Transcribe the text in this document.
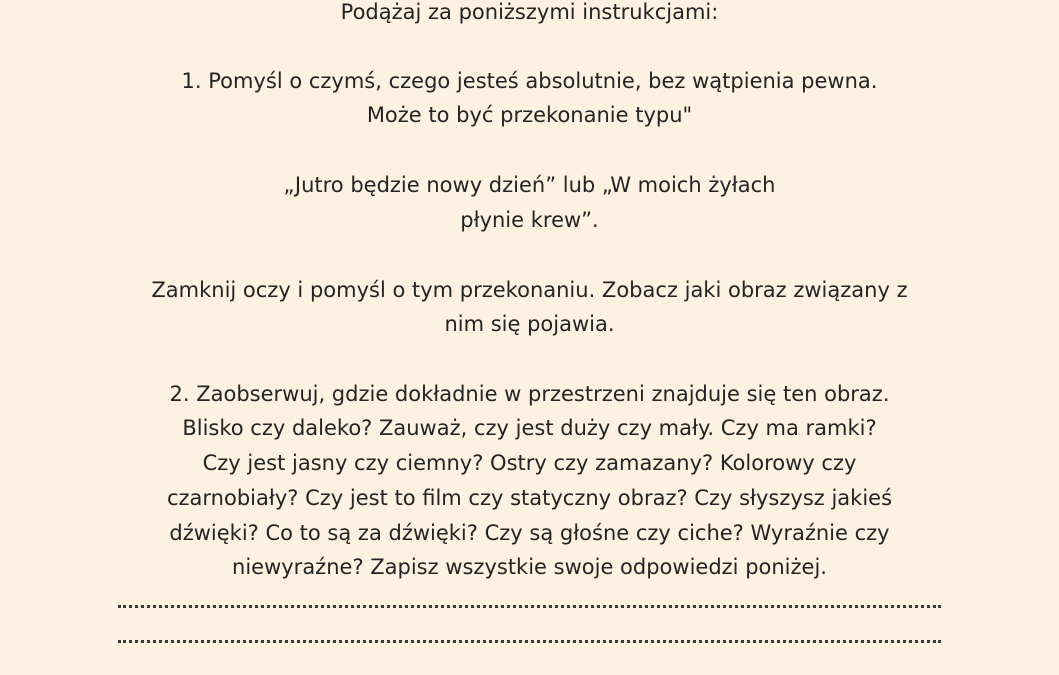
Podążaj za poniższymi instrukcjami:
1. Pomyśl o czymś, czego jesteś absolutnie, bez wątpienia pewna.
Może to być przekonanie typu"
„Jutro będzie nowy dzień” lub „W moich żyłach
płynie krew”.
Zamknij oczy i pomyśl o tym przekonaniu. Zobacz jaki obraz związany z
nim się pojawia.
2. Zaobserwuj, gdzie dokładnie w przestrzeni znajduje się ten obraz.
Blisko czy daleko? Zauważ, czy jest duży czy mały. Czy ma ramki?
Czy jest jasny czy ciemny? Ostry czy zamazany? Kolorowy czy
czarnobiały? Czy jest to film czy statyczny obraz? Czy słyszysz jakieś
dźwięki? Co to są za dźwięki? Czy są głośne czy ciche? Wyraźnie czy
niewyraźne? Zapisz wszystkie swoje odpowiedzi poniżej.
